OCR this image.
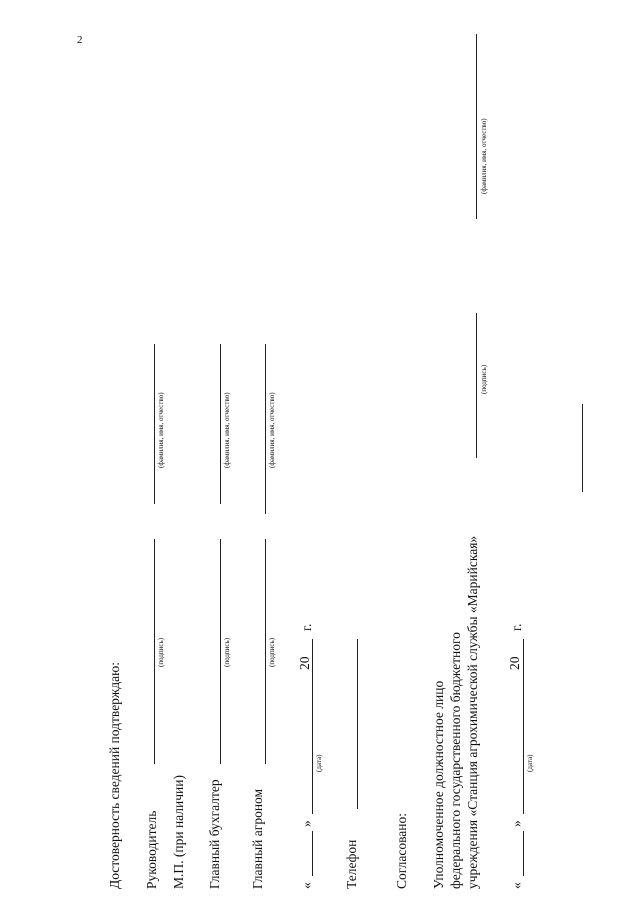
2
Достоверность сведений подтверждаю: Руководитель
(подпись)
(фамилия, имя, отчество)
М.П. (при наличии) Главный бухгалтер
(подпись)
(фамилия, имя, отчество)
Главный агроном
(подпись)
(фамилия, имя, отчество)
«
»
(дата)
20
г.
Телефон	Согласовано: Уполномоченное должностное лицо федерального государственного бюджетного учреждения «Станция агрохимической службы «Марийская»
(подпись)
(фамилия, имя, отчество)
«
»
(дата)
20
г.
